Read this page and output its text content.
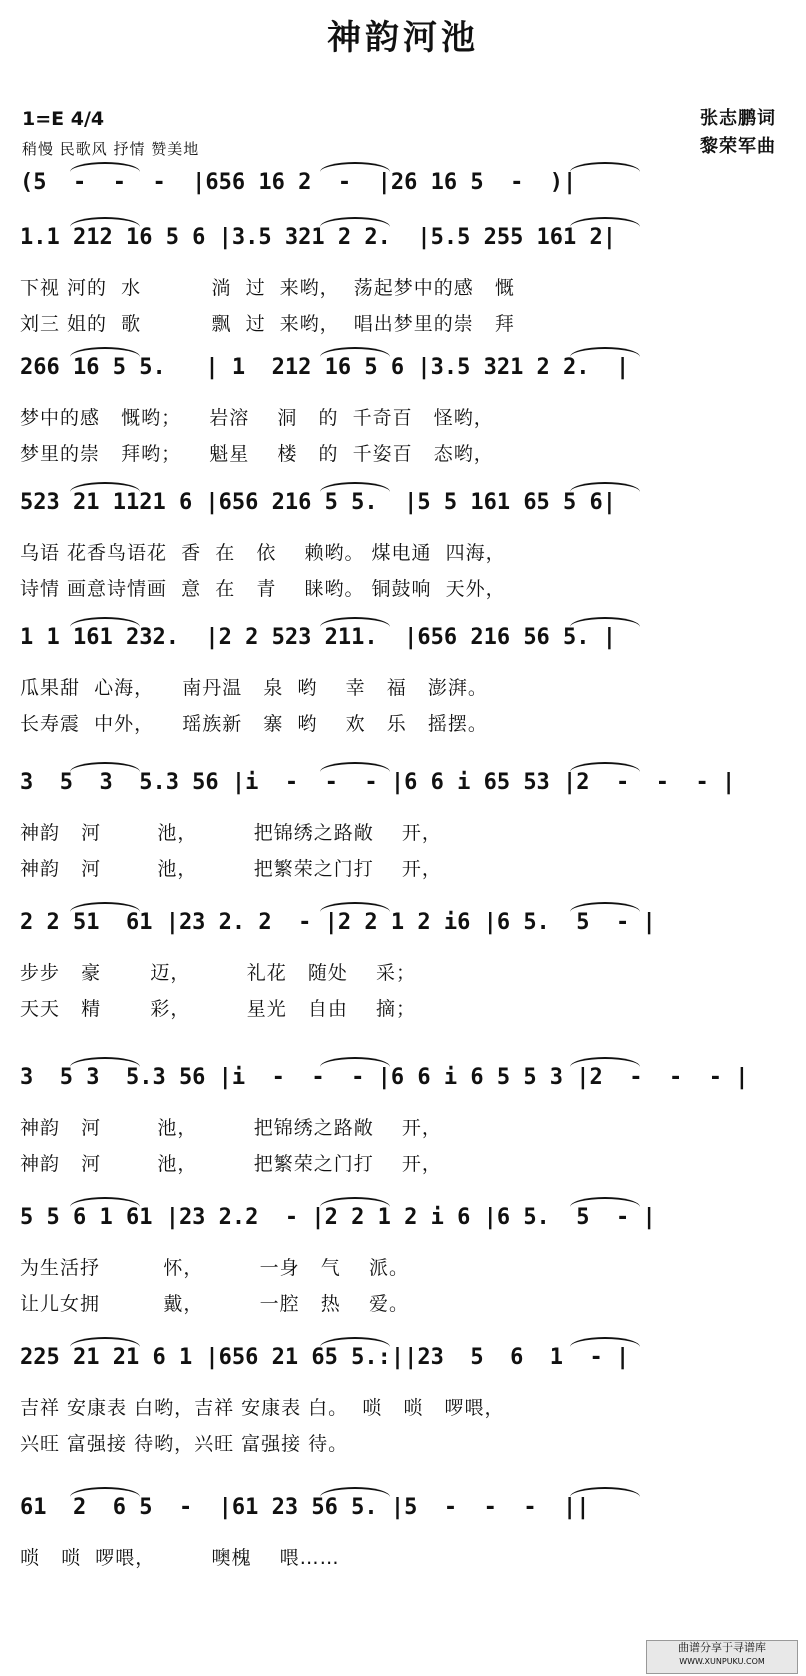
神韵河池
1=E 4/4
稍慢 民歌风 抒情 赞美地
张志鹏词
黎荣军曲
(5  -  -  -  |656 16 2  -  |26 16 5  -  )|
1.1 212 16 5 6 |3.5 321 2 2.  |5.5 255 161 2|
下视 河的  水          淌  过  来哟，  荡起梦中的感   慨
刘三 姐的  歌          飘  过  来哟，  唱出梦里的崇   拜
266 16 5 5.   | 1  212 16 5 6 |3.5 321 2 2.  |
梦中的感   慨哟；    岩溶    洞   的  千奇百   怪哟，
梦里的崇   拜哟；    魁星    楼   的  千姿百   态哟，
523 21 1121 6 |656 216 5 5.  |5 5 161 65 5 6|
乌语 花香鸟语花  香  在   依    赖哟。 煤电通  四海，
诗情 画意诗情画  意  在   青    睐哟。 铜鼓响  天外，
1 1 161 232.  |2 2 523 211.  |656 216 56 5. |
瓜果甜  心海，    南丹温   泉  哟    幸   福   澎湃。
长寿震  中外，    瑶族新   寨  哟    欢   乐   摇摆。
3  5  3  5.3 56 |i  -  -  - |6 6 i 65 53 |2  -  -  - |
神韵   河        池，        把锦绣之路敞    开，
神韵   河        池，        把繁荣之门打    开，
2 2 51  61 |23 2. 2  - |2 2 1 2 i6 |6 5.  5  - |
步步   豪       迈，        礼花   随处    采；
天天   精       彩，        星光   自由    摘；
3  5 3  5.3 56 |i  -  -  - |6 6 i 6 5 5 3 |2  -  -  - |
神韵   河        池，        把锦绣之路敞    开，
神韵   河        池，        把繁荣之门打    开，
5 5 6 1 61 |23 2.2  - |2 2 1 2 i 6 |6 5.  5  - |
为生活抒         怀，        一身   气    派。
让儿女拥         戴，        一腔   热    爱。
225 21 21 6 1 |656 21 65 5.:||23  5  6  1  - |
吉祥 安康表 白哟，吉祥 安康表 白。  唢   唢   啰喂，
兴旺 富强接 待哟，兴旺 富强接 待。
61  2  6 5  -  |61 23 56 5. |5  -  -  -  ||
唢   唢  啰喂，        噢槐    喂……
曲谱分享于寻谱库
WWW.XUNPUKU.COM
